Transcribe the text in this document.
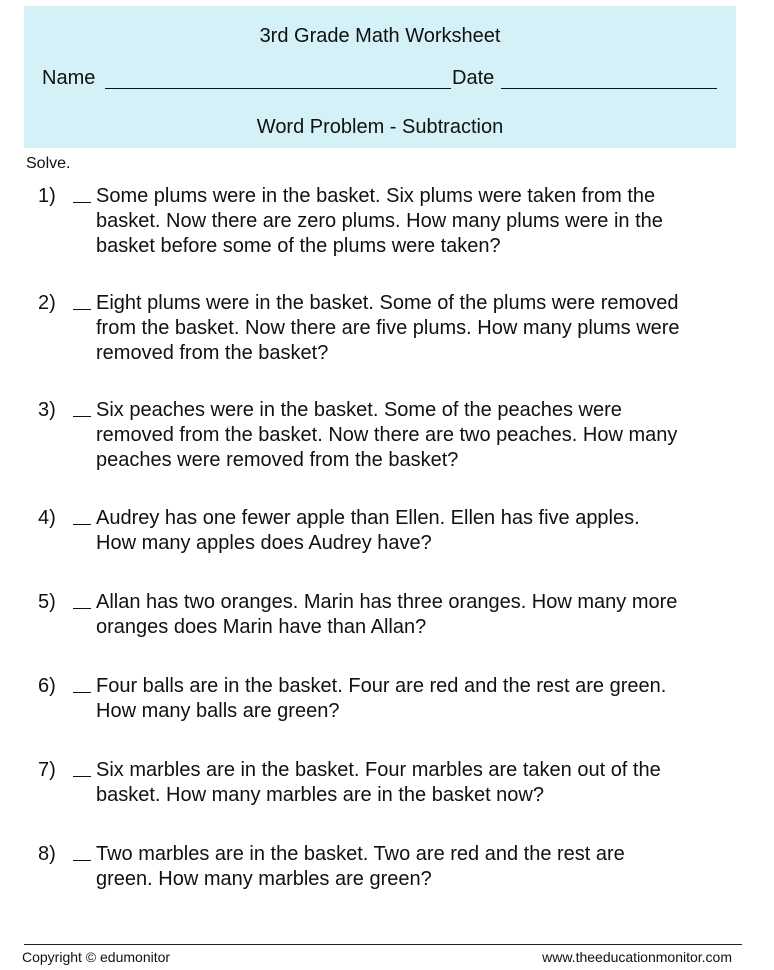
3rd Grade Math Worksheet
Name	Date
Word Problem - Subtraction
Solve.
1)	Some plums were in the basket. Six plums were taken from the
basket. Now there are zero plums. How many plums were in the
basket before some of the plums were taken?
2)	Eight plums were in the basket. Some of the plums were removed
from the basket. Now there are five plums. How many plums were
removed from the basket?
3)	Six peaches were in the basket. Some of the peaches were
removed from the basket. Now there are two peaches. How many
peaches were removed from the basket?
4)	Audrey has one fewer apple than Ellen. Ellen has five apples.
How many apples does Audrey have?
5)	Allan has two oranges. Marin has three oranges. How many more
oranges does Marin have than Allan?
6)	Four balls are in the basket. Four are red and the rest are green.
How many balls are green?
7)	Six marbles are in the basket. Four marbles are taken out of the
basket. How many marbles are in the basket now?
8)	Two marbles are in the basket. Two are red and the rest are
green. How many marbles are green?
Copyright © edumonitor	www.theeducationmonitor.com
